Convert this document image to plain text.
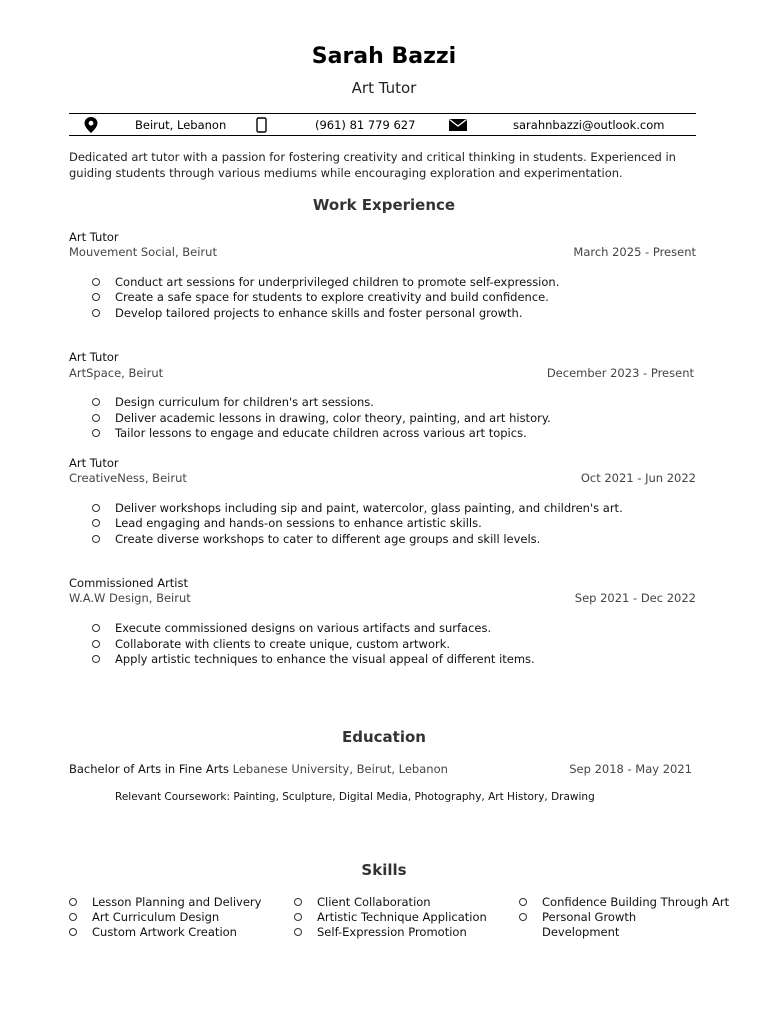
Sarah Bazzi
Art Tutor
Beirut, Lebanon	(961) 81 779 627	sarahnbazzi@outlook.com
Dedicated art tutor with a passion for fostering creativity and critical thinking in students. Experienced in guiding students through various mediums while encouraging exploration and experimentation.
Work Experience
Art Tutor
Mouvement Social, Beirut	March 2025 - Present
Conduct art sessions for underprivileged children to promote self-expression.
Create a safe space for students to explore creativity and build confidence.
Develop tailored projects to enhance skills and foster personal growth.
Art Tutor
ArtSpace, Beirut	December 2023 - Present
Design curriculum for children's art sessions.
Deliver academic lessons in drawing, color theory, painting, and art history.
Tailor lessons to engage and educate children across various art topics.
Art Tutor
CreativeNess, Beirut	Oct 2021 - Jun 2022
Deliver workshops including sip and paint, watercolor, glass painting, and children's art.
Lead engaging and hands-on sessions to enhance artistic skills.
Create diverse workshops to cater to different age groups and skill levels.
Commissioned Artist
W.A.W Design, Beirut	Sep 2021 - Dec 2022
Execute commissioned designs on various artifacts and surfaces.
Collaborate with clients to create unique, custom artwork.
Apply artistic techniques to enhance the visual appeal of different items.
Education
Bachelor of Arts in Fine Arts Lebanese University, Beirut, Lebanon	Sep 2018 - May 2021
Relevant Coursework: Painting, Sculpture, Digital Media, Photography, Art History, Drawing
Skills
Lesson Planning and Delivery
Art Curriculum Design
Custom Artwork Creation
Client Collaboration
Artistic Technique Application
Self-Expression Promotion
Confidence Building Through Art
Personal Growth Development
